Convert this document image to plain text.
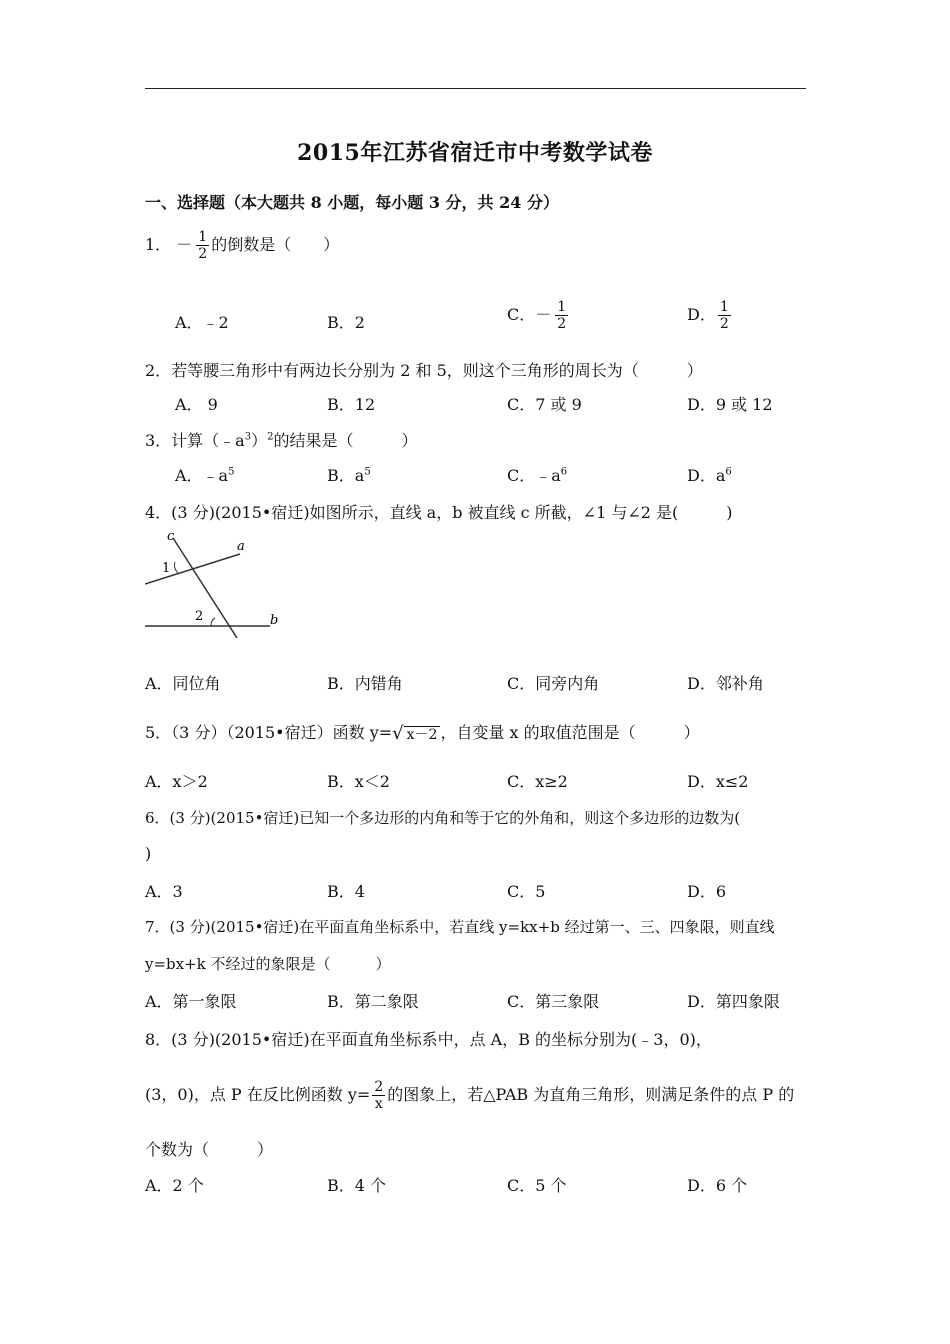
2015年江苏省宿迁市中考数学试卷
一、选择题（本大题共 8 小题，每小题 3 分，共 24 分）
1． － $\frac{1}{2}$ 的倒数是（　　）
A．﹣2	B．2	C．－ $\frac{1}{2}$	D． $\frac{1}{2}$
2．若等腰三角形中有两边长分别为 2 和 5，则这个三角形的周长为（　　　）
A． 9	B．12	C．7 或 9	D．9 或 12
3．计算$(﹣a^3)^2$的结果是（　　　）
A．$﹣a^5$	B．$a^5$	C．$﹣a^6$	D．$a^6$
4．(3 分)(2015•宿迁)如图所示，直线 a，b 被直线 c 所截，∠1 与∠2 是(　　　)
c
a
b
1
2
A．同位角	B．内错角	C．同旁内角	D．邻补角
5．（3 分）（2015•宿迁）函数 y=√ x－2 ，自变量 x 的取值范围是（　　　）
A．x＞2	B．x＜2	C．x≥2	D．x≤2
6．(3 分)(2015•宿迁)已知一个多边形的内角和等于它的外角和，则这个多边形的边数为(
)
A．3	B．4	C．5	D．6
7．(3 分)(2015•宿迁)在平面直角坐标系中，若直线 y=kx+b 经过第一、三、四象限，则直线
y=bx+k 不经过的象限是（　　　）
A．第一象限	B．第二象限	C．第三象限	D．第四象限
8．(3 分)(2015•宿迁)在平面直角坐标系中，点 A，B 的坐标分别为(﹣3，0)，
(3，0)，点 P 在反比例函数 $y= \frac{2}{x}$ 的图象上，若△PAB 为直角三角形，则满足条件的点 P 的
个数为（　　　）
A．2 个	B．4 个	C．5 个	D．6 个
